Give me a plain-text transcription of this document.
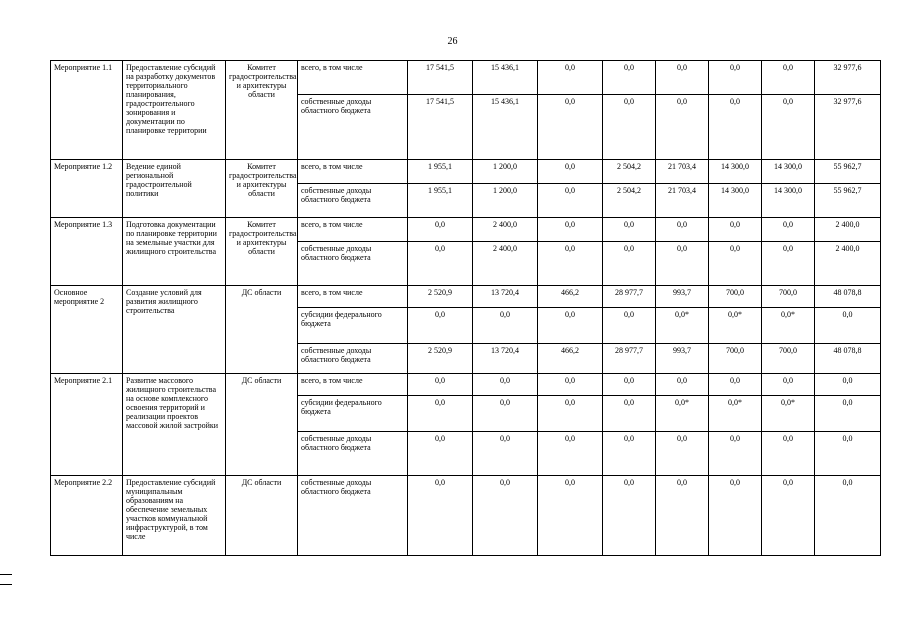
26
Мероприятие 1.1	Предоставление субсидий на разработку документов территориального планирования, градостроительного зонирования и документации по планировке территории	Комитет градостроительства и архитектуры области	всего, в том числе	17 541,5	15 436,1	0,0	0,0	0,0	0,0	0,0	32 977,6
			собственные доходы областного бюджета	17 541,5	15 436,1	0,0	0,0	0,0	0,0	0,0	32 977,6
Мероприятие 1.2	Ведение единой региональной градостроительной политики	Комитет градостроительства и архитектуры области	всего, в том числе	1 955,1	1 200,0	0,0	2 504,2	21 703,4	14 300,0	14 300,0	55 962,7
			собственные доходы областного бюджета	1 955,1	1 200,0	0,0	2 504,2	21 703,4	14 300,0	14 300,0	55 962,7
Мероприятие 1.3	Подготовка документации по планировке территории на земельные участки для жилищного строительства	Комитет градостроительства и архитектуры области	всего, в том числе	0,0	2 400,0	0,0	0,0	0,0	0,0	0,0	2 400,0
			собственные доходы областного бюджета	0,0	2 400,0	0,0	0,0	0,0	0,0	0,0	2 400,0
Основное мероприятие 2	Создание условий для развития жилищного строительства	ДС области	всего, в том числе	2 520,9	13 720,4	466,2	28 977,7	993,7	700,0	700,0	48 078,8
			субсидии федерального бюджета	0,0	0,0	0,0	0,0	0,0*	0,0*	0,0*	0,0
			собственные доходы областного бюджета	2 520,9	13 720,4	466,2	28 977,7	993,7	700,0	700,0	48 078,8
Мероприятие 2.1	Развитие массового жилищного строительства на основе комплексного освоения территорий и реализации проектов массовой жилой застройки	ДС области	всего, в том числе	0,0	0,0	0,0	0,0	0,0	0,0	0,0	0,0
			субсидии федерального бюджета	0,0	0,0	0,0	0,0	0,0*	0,0*	0,0*	0,0
			собственные доходы областного бюджета	0,0	0,0	0,0	0,0	0,0	0,0	0,0	0,0
Мероприятие 2.2	Предоставление субсидий муниципальным образованиям на обеспечение земельных участков коммунальной инфраструктурой, в том числе	ДС области	собственные доходы областного бюджета	0,0	0,0	0,0	0,0	0,0	0,0	0,0	0,0
